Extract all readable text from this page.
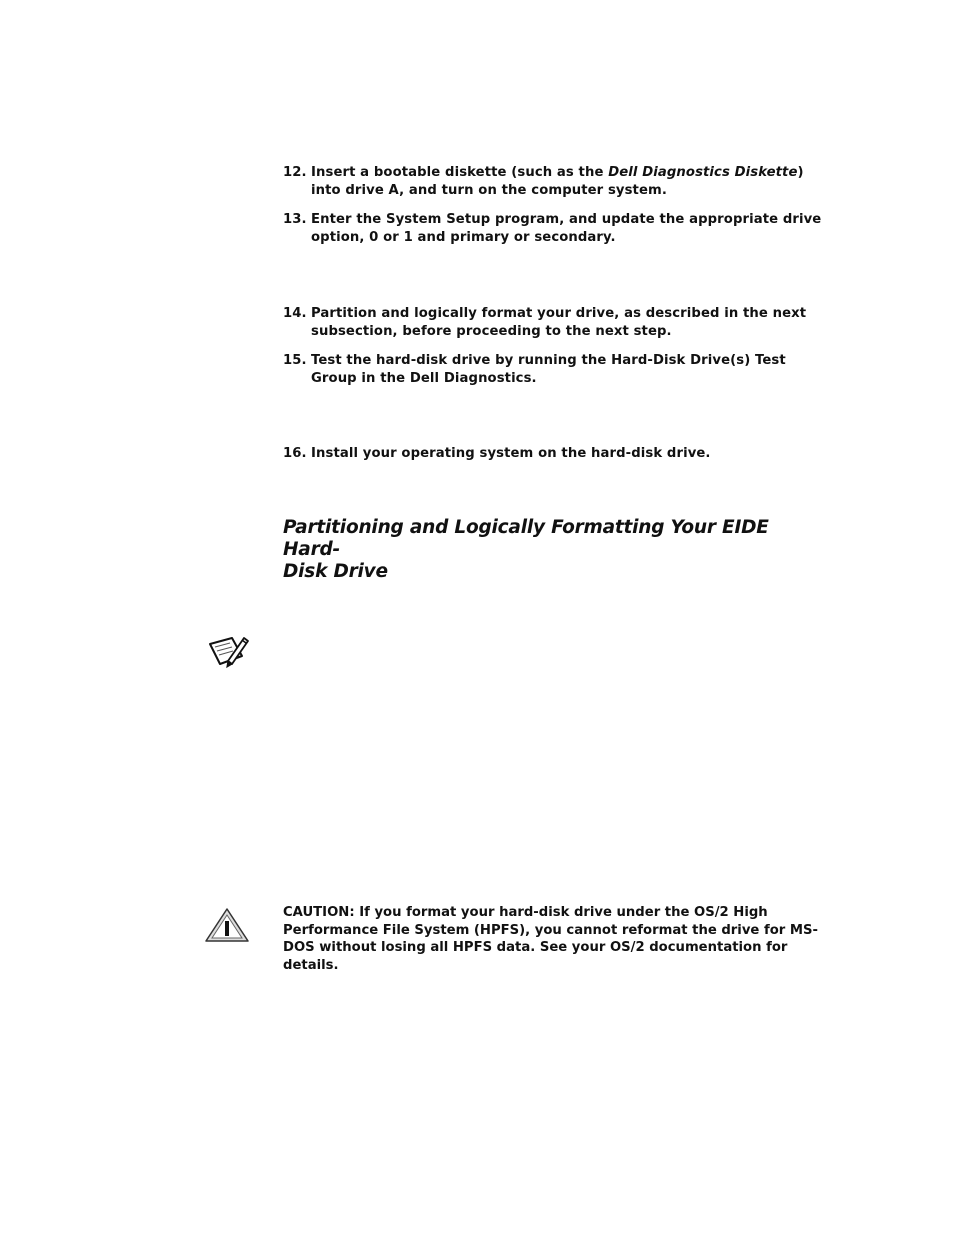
12. Insert a bootable diskette (such as the Dell Diagnostics Diskette) into drive A, and turn on the computer system.
13. Enter the System Setup program, and update the appropriate drive option, 0 or 1 and primary or secondary.
14. Partition and logically format your drive, as described in the next subsection, before proceeding to the next step.
15. Test the hard-disk drive by running the Hard-Disk Drive(s) Test Group in the Dell Diagnostics.
16. Install your operating system on the hard-disk drive.
Partitioning and Logically Formatting Your EIDE Hard-
Disk Drive
CAUTION: If you format your hard-disk drive under the OS/2 High Performance File System (HPFS), you cannot reformat the drive for MS-DOS without losing all HPFS data. See your OS/2 documentation for details.
